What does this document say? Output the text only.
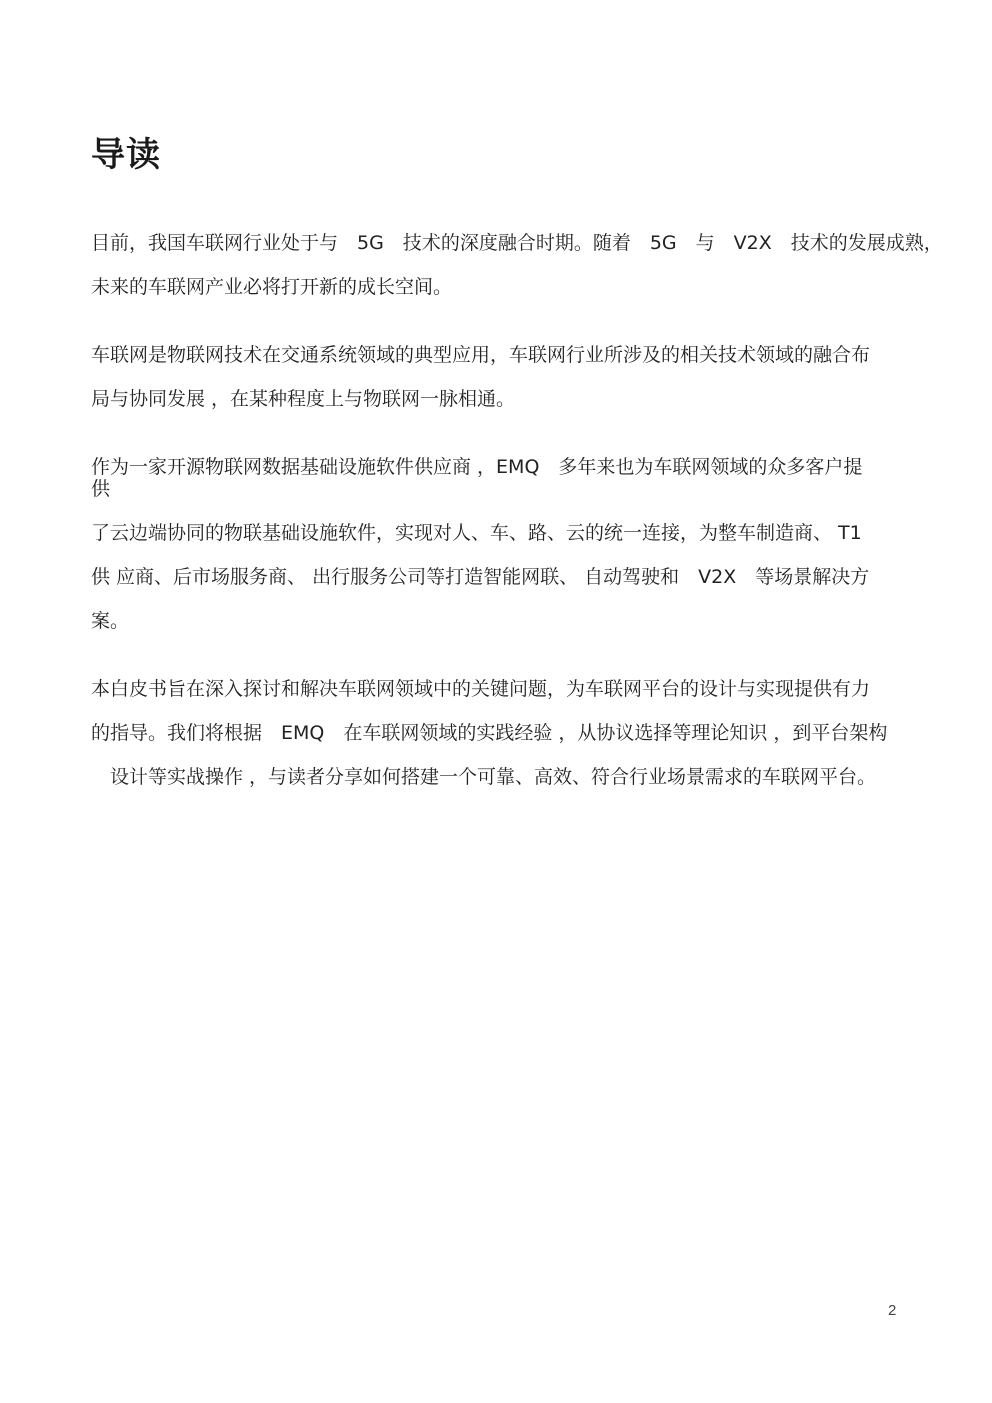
导读
目前，我国车联网行业处于与　5G　技术的深度融合时期。随着　5G　与　V2X　技术的发展成熟，
未来的车联网产业必将打开新的成长空间。
车联网是物联网技术在交通系统领域的典型应用，车联网行业所涉及的相关技术领域的融合布
局与协同发展 ，在某种程度上与物联网一脉相通。
作为一家开源物联网数据基础设施软件供应商 ，EMQ　多年来也为车联网领域的众多客户提
供
了云边端协同的物联基础设施软件，实现对人、车、路、云的统一连接，为整车制造商、 T1
供 应商、后市场服务商、 出行服务公司等打造智能网联、 自动驾驶和　V2X　等场景解决方
案。
本白皮书旨在深入探讨和解决车联网领域中的关键问题，为车联网平台的设计与实现提供有力
的指导。我们将根据　EMQ　在车联网领域的实践经验 ，从协议选择等理论知识 ，到平台架构
　设计等实战操作 ，与读者分享如何搭建一个可靠、高效、符合行业场景需求的车联网平台。
2
